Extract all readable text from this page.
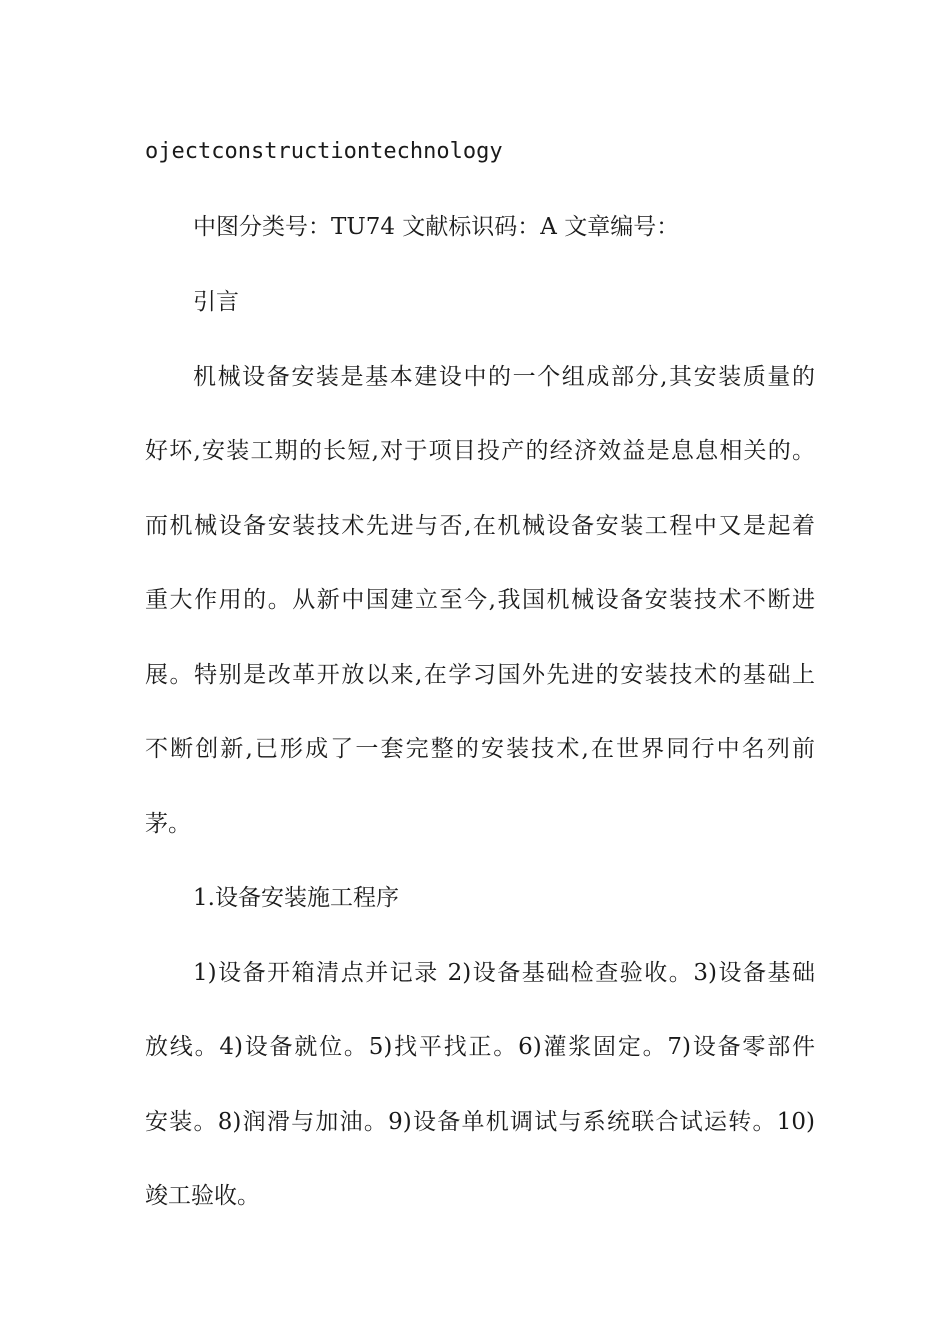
ojectconstructiontechnology
中图分类号：TU74 文献标识码：A 文章编号：
引言
机械设备安装是基本建设中的一个组成部分,其安装质量的
好坏,安装工期的长短,对于项目投产的经济效益是息息相关的。
而机械设备安装技术先进与否,在机械设备安装工程中又是起着
重大作用的。从新中国建立至今,我国机械设备安装技术不断进
展。特别是改革开放以来,在学习国外先进的安装技术的基础上
不断创新,已形成了一套完整的安装技术,在世界同行中名列前
茅。
1.设备安装施工程序
1)设备开箱清点并记录 2)设备基础检查验收。3)设备基础
放线。4)设备就位。5)找平找正。6)灌浆固定。7)设备零部件
安装。8)润滑与加油。9)设备单机调试与系统联合试运转。10)
竣工验收。
